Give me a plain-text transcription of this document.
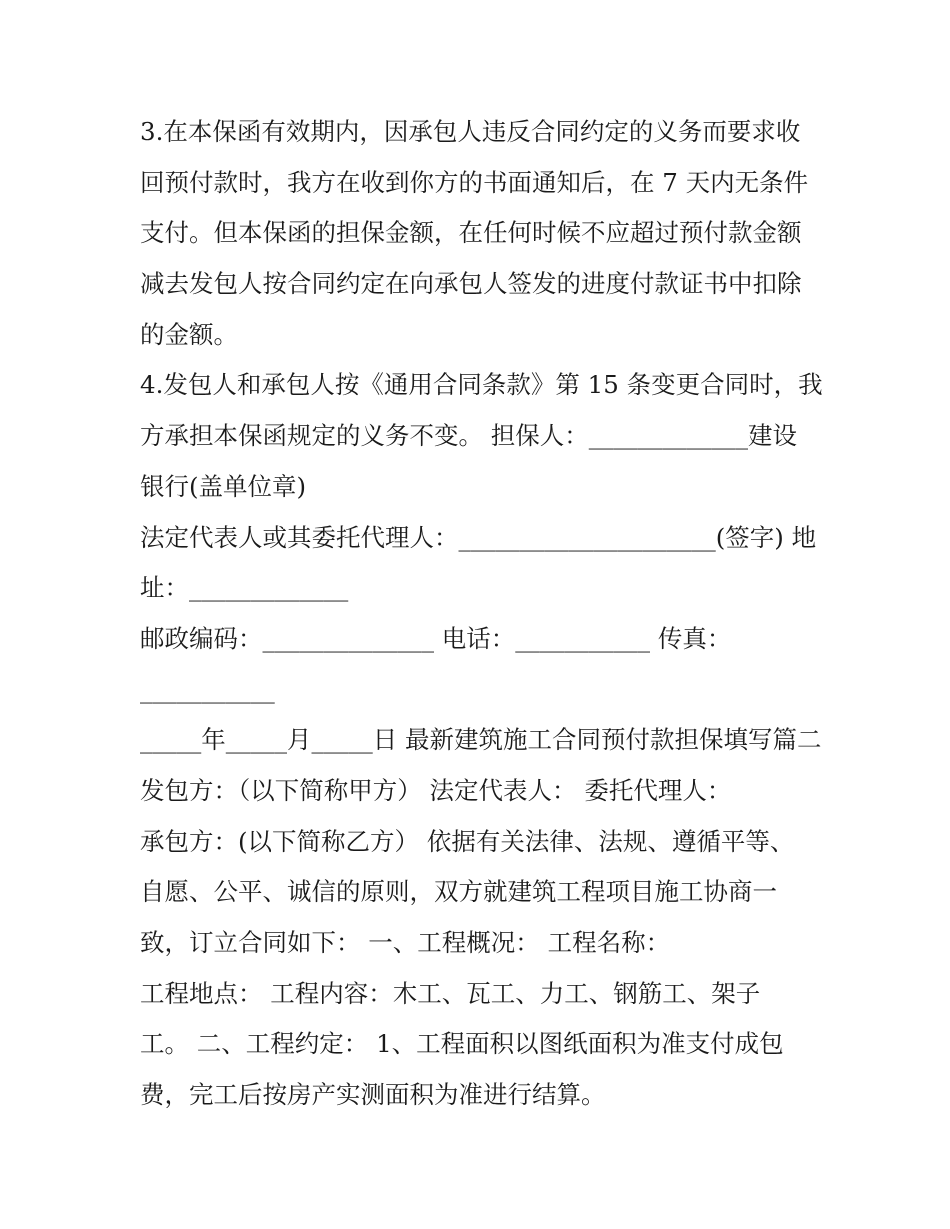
3.在本保函有效期内，因承包人违反合同约定的义务而要求收
回预付款时，我方在收到你方的书面通知后，在 7 天内无条件
支付。但本保函的担保金额，在任何时候不应超过预付款金额
减去发包人按合同约定在向承包人签发的进度付款证书中扣除
的金额。
4.发包人和承包人按《通用合同条款》第 15 条变更合同时，我
方承担本保函规定的义务不变。 担保人：_____________建设
银行(盖单位章)
法定代表人或其委托代理人：_____________________(签字) 地
址：_____________
邮政编码：______________ 电话：___________ 传真：
___________
_____年_____月_____日 最新建筑施工合同预付款担保填写篇二
发包方：（以下简称甲方） 法定代表人： 委托代理人：
承包方：(以下简称乙方） 依据有关法律、法规、遵循平等、
自愿、公平、诚信的原则，双方就建筑工程项目施工协商一
致，订立合同如下： 一、工程概况： 工程名称：
工程地点： 工程内容：木工、瓦工、力工、钢筋工、架子
工。 二、工程约定： 1、工程面积以图纸面积为准支付成包
费，完工后按房产实测面积为准进行结算。
